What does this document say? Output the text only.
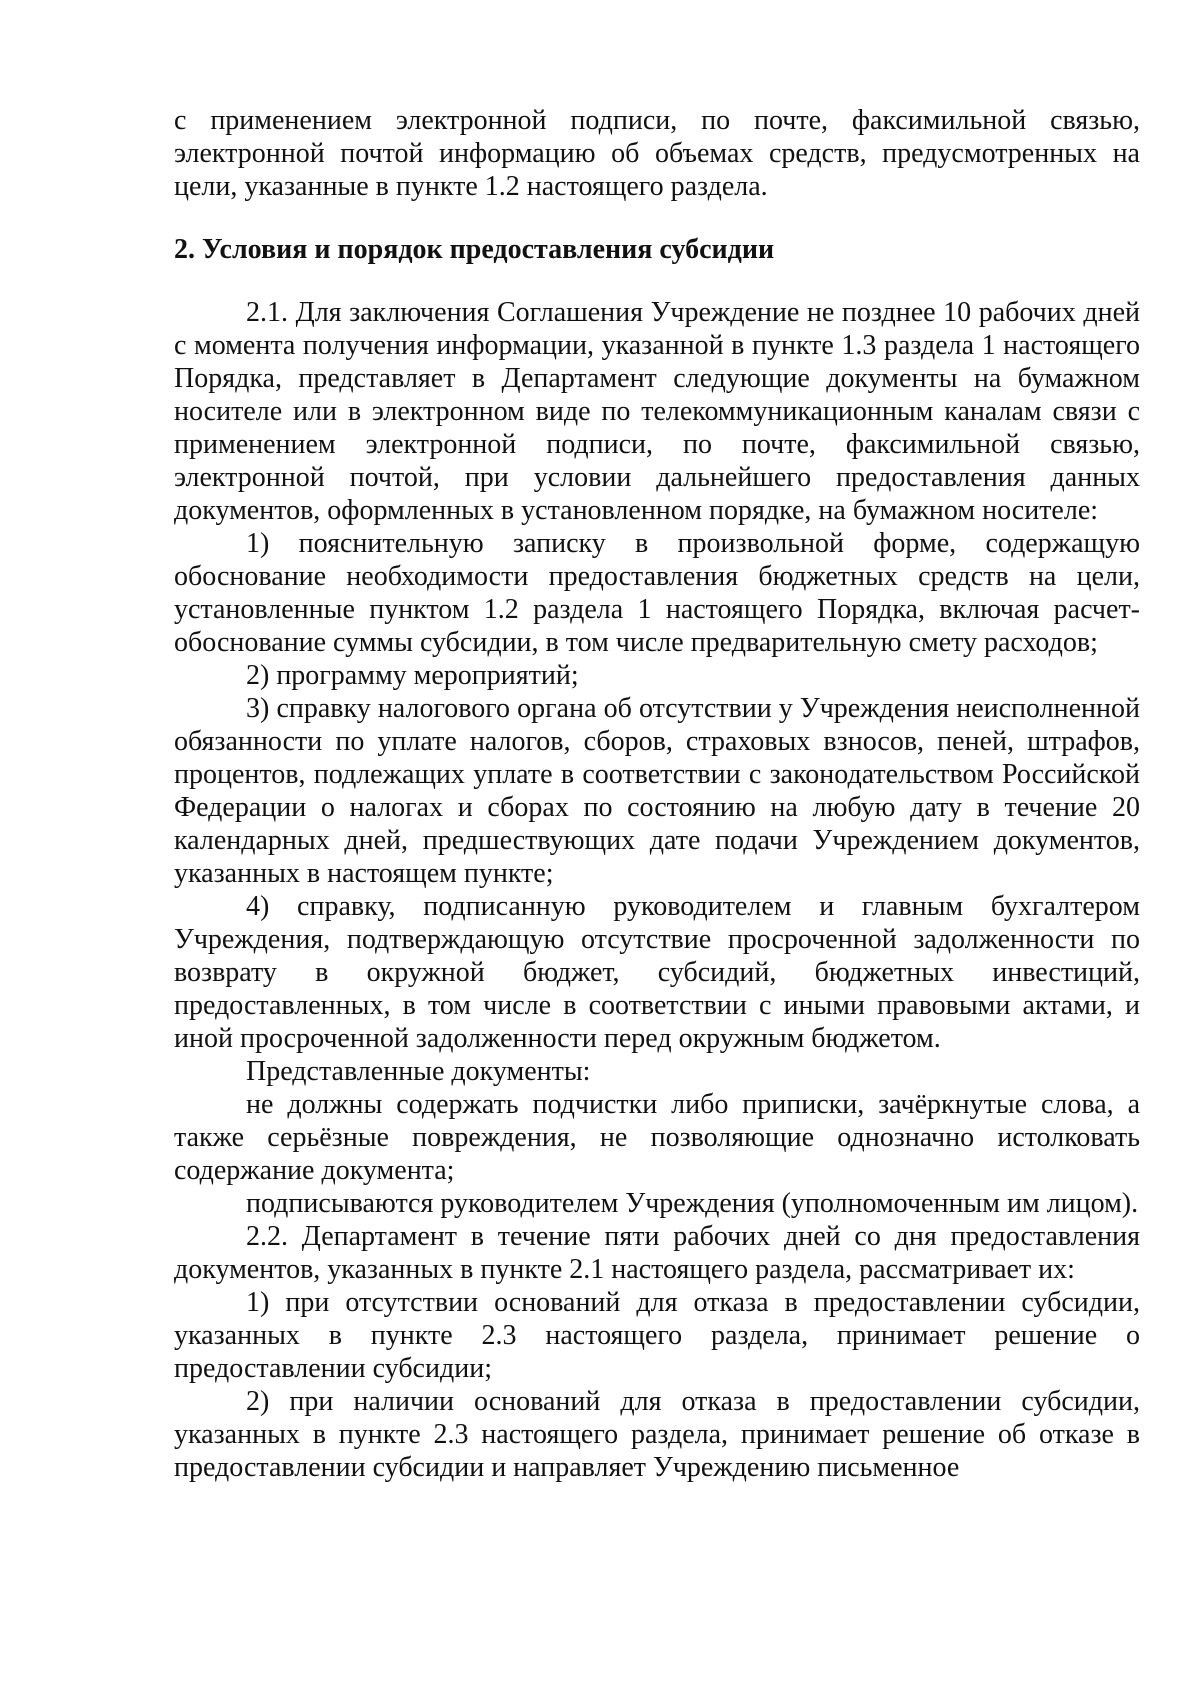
с применением электронной подписи, по почте, факсимильной связью, электронной почтой информацию об объемах средств, предусмотренных на цели, указанные в пункте 1.2 настоящего раздела.

2. Условия и порядок предоставления субсидии

2.1. Для заключения Соглашения Учреждение не позднее 10 рабочих дней с момента получения информации, указанной в пункте 1.3 раздела 1 настоящего Порядка, представляет в Департамент следующие документы на бумажном носителе или в электронном виде по телекоммуникационным каналам связи с применением электронной подписи, по почте, факсимильной связью, электронной почтой, при условии дальнейшего предоставления данных документов, оформленных в установленном порядке, на бумажном носителе:

1) пояснительную записку в произвольной форме, содержащую обоснование необходимости предоставления бюджетных средств на цели, установленные пунктом 1.2 раздела 1 настоящего Порядка, включая расчет-обоснование суммы субсидии, в том числе предварительную смету расходов;

2) программу мероприятий;

3) справку налогового органа об отсутствии у Учреждения неисполненной обязанности по уплате налогов, сборов, страховых взносов, пеней, штрафов, процентов, подлежащих уплате в соответствии с законодательством Российской Федерации о налогах и сборах по состоянию на любую дату в течение 20 календарных дней, предшествующих дате подачи Учреждением документов, указанных в настоящем пункте;

4) справку, подписанную руководителем и главным бухгалтером Учреждения, подтверждающую отсутствие просроченной задолженности по возврату в окружной бюджет, субсидий, бюджетных инвестиций, предоставленных, в том числе в соответствии с иными правовыми актами, и иной просроченной задолженности перед окружным бюджетом.

Представленные документы:

не должны содержать подчистки либо приписки, зачёркнутые слова, а также серьёзные повреждения, не позволяющие однозначно истолковать содержание документа;

подписываются руководителем Учреждения (уполномоченным им лицом).

2.2. Департамент в течение пяти рабочих дней со дня предоставления документов, указанных в пункте 2.1 настоящего раздела, рассматривает их:

1) при отсутствии оснований для отказа в предоставлении субсидии, указанных в пункте 2.3 настоящего раздела, принимает решение о предоставлении субсидии;

2) при наличии оснований для отказа в предоставлении субсидии, указанных в пункте 2.3 настоящего раздела, принимает решение об отказе в предоставлении субсидии и направляет Учреждению письменное
